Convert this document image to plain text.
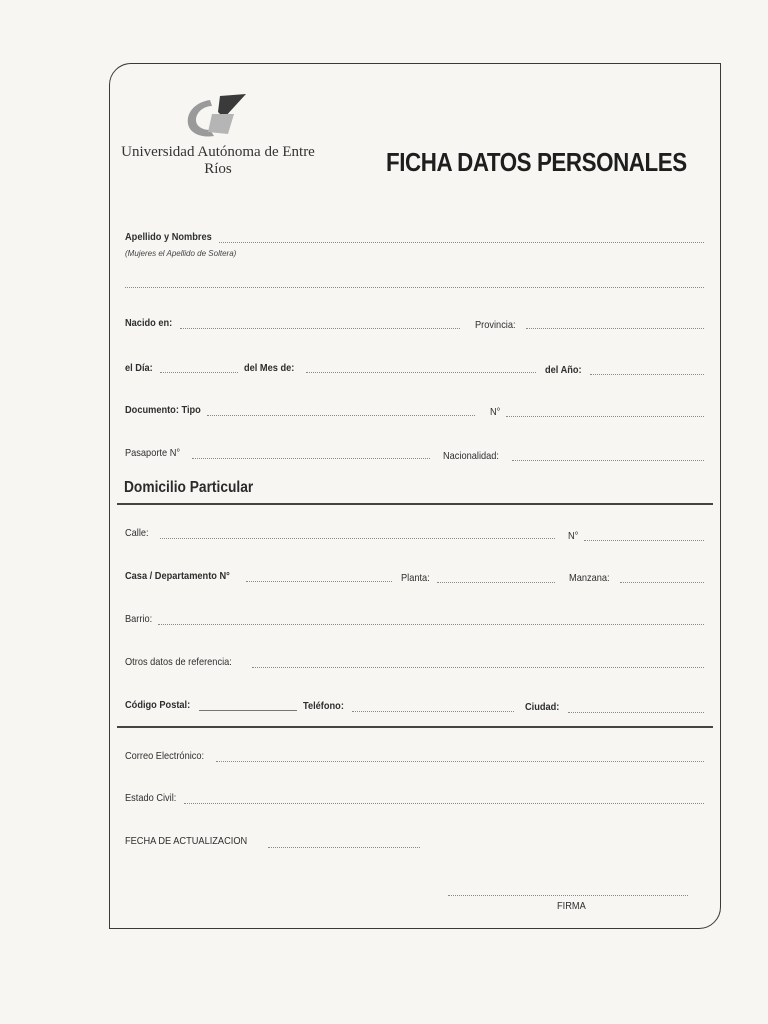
Universidad Autónoma de Entre Ríos	FICHA DATOS PERSONALES
Apellido y Nombres
(Mujeres el Apellido de Soltera)
Nacido en:	Provincia:
el Día:	del Mes de:	del Año:
Documento: Tipo	N°
Pasaporte N°	Nacionalidad:
Domicilio Particular
Calle:	N°
Casa / Departamento N°	Planta:	Manzana:
Barrio:
Otros datos de referencia:
Código Postal:	Teléfono:	Ciudad:
Correo Electrónico:
Estado Civil:
FECHA DE ACTUALIZACION
FIRMA
